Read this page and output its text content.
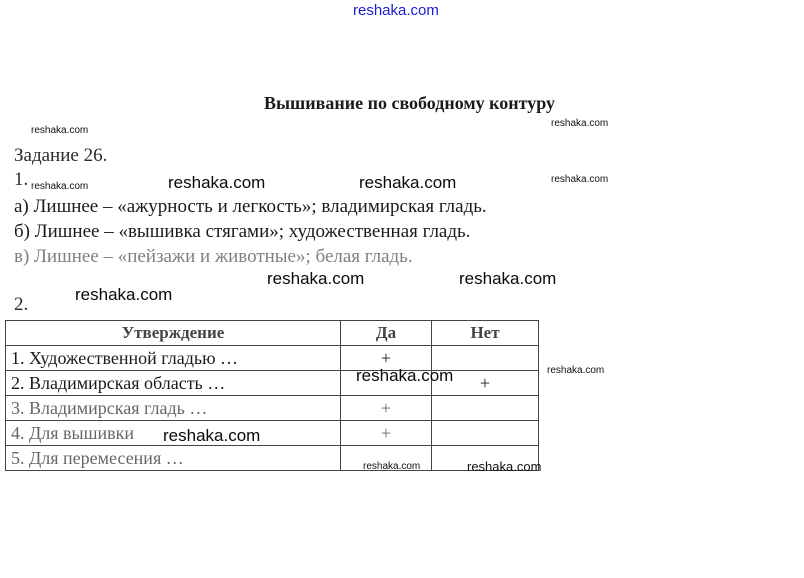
reshaka.com
Вышивание по свободному контуру
Задание 26.
1.
а) Лишнее – «ажурность и легкость»; владимирская гладь.
б) Лишнее – «вышивка стягами»; художественная гладь.
в) Лишнее – «пейзажи и животные»; белая гладь.
2.
Утверждение	Да	Нет
1. Художественной гладью …	+	
2. Владимирская область …		+
3. Владимирская гладь …	+	
4. Для вышивки	+	
5. Для перемесения …		
reshaka.com
reshaka.com
reshaka.com
reshaka.com
reshaka.com
reshaka.com
reshaka.com	reshaka.com
reshaka.com	reshaka.com
reshaka.com
reshaka.com
reshaka.com
reshaka.com
